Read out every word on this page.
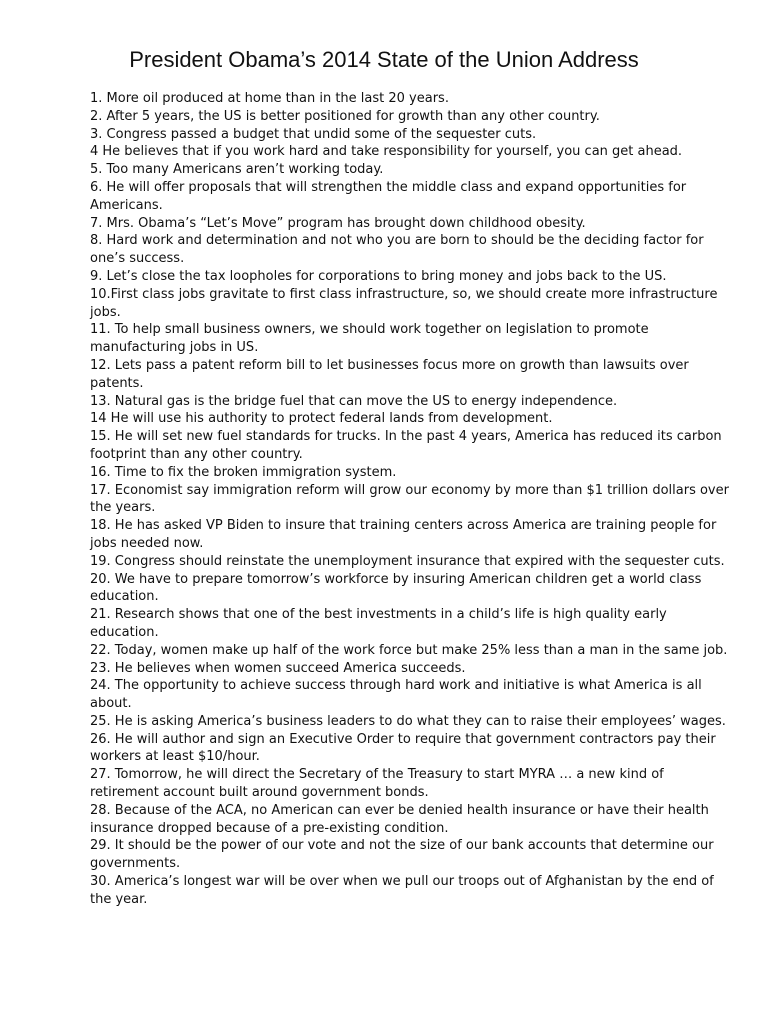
President Obama’s 2014 State of the Union Address
1. More oil produced at home than in the last 20 years.
2. After 5 years, the US is better positioned for growth than any other country.
3. Congress passed a budget that undid some of the sequester cuts.
4 He believes that if you work hard and take responsibility for yourself, you can get ahead.
5. Too many Americans aren’t working today.
6. He will offer proposals that will strengthen the middle class and expand opportunities for Americans.
7. Mrs. Obama’s “Let’s Move” program has brought down childhood obesity.
8. Hard work and determination and not who you are born to should be the deciding factor for one’s success.
9. Let’s close the tax loopholes for corporations to bring money and jobs back to the US.
10.First class jobs gravitate to first class infrastructure, so, we should create more infrastructure jobs.
11. To help small business owners, we should work together on legislation to promote manufacturing jobs in US.
12. Lets pass a patent reform bill to let businesses focus more on growth than lawsuits over patents.
13. Natural gas is the bridge fuel that can move the US to energy independence.
14 He will use his authority to protect federal lands from development.
15. He will set new fuel standards for trucks. In the past 4 years, America has reduced its carbon footprint than any other country.
16. Time to fix the broken immigration system.
17. Economist say immigration reform will grow our economy by more than $1 trillion dollars over the years.
18. He has asked VP Biden to insure that training centers across America are training people for jobs needed now.
19. Congress should reinstate the unemployment insurance that expired with the sequester cuts.
20. We have to prepare tomorrow’s workforce by insuring American children get a world class education.
21. Research shows that one of the best investments in a child’s life is high quality early education.
22. Today, women make up half of the work force but make 25% less than a man in the same job.
23. He believes when women succeed America succeeds.
24. The opportunity to achieve success through hard work and initiative is what America is all about.
25. He is asking America’s business leaders to do what they can to raise their employees’ wages.
26. He will author and sign an Executive Order to require that government contractors pay their workers at least $10/hour.
27. Tomorrow, he will direct the Secretary of the Treasury to start MYRA … a new kind of retirement account built around government bonds.
28. Because of the ACA, no American can ever be denied health insurance or have their health insurance dropped because of a pre-existing condition.
29. It should be the power of our vote and not the size of our bank accounts that determine our governments.
30. America’s longest war will be over when we pull our troops out of Afghanistan by the end of the year.
